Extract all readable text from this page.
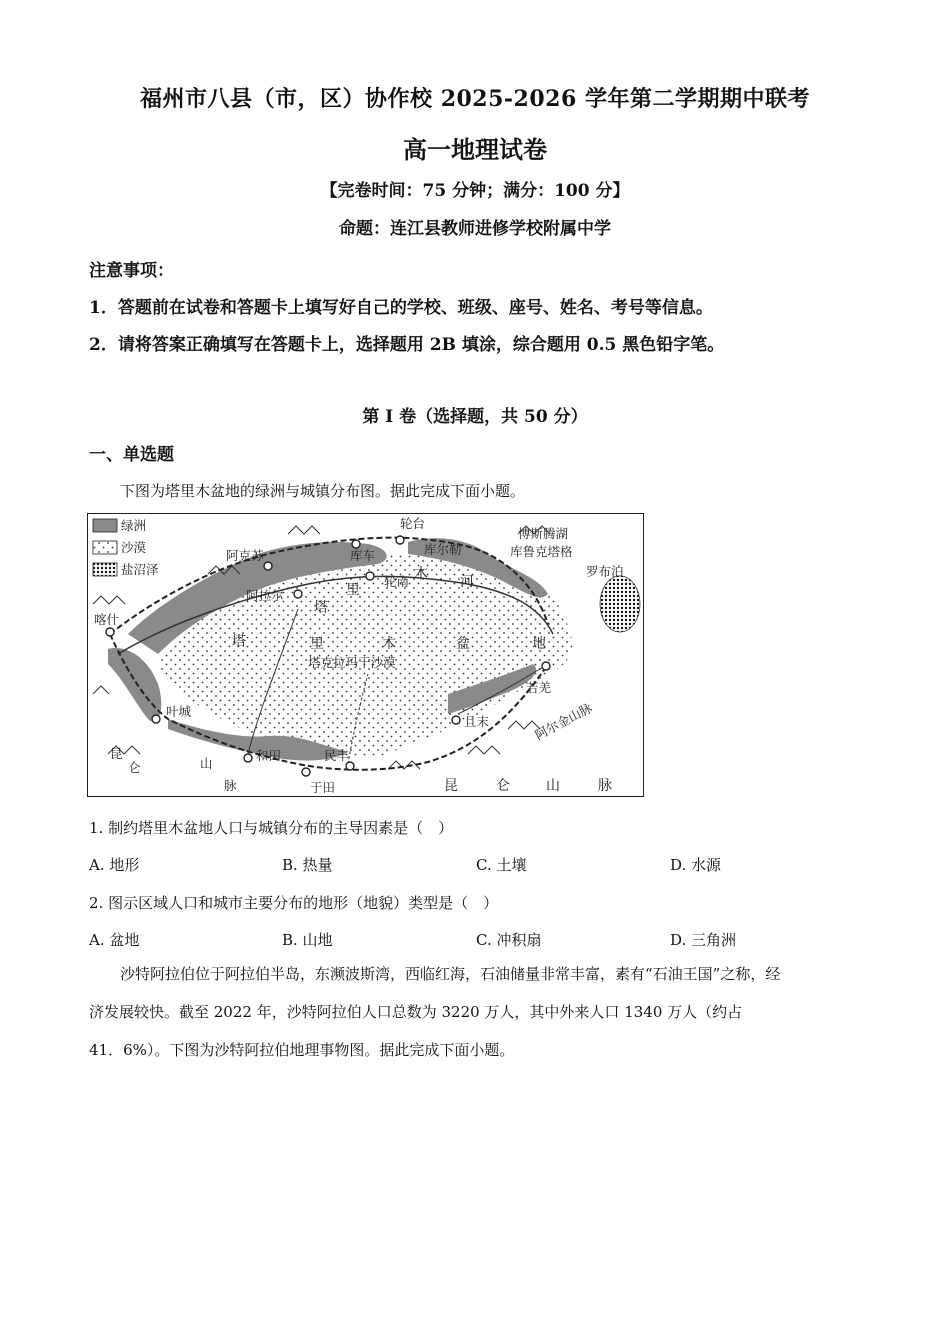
福州市八县（市，区）协作校 2025-2026 学年第二学期期中联考
高一地理试卷
【完卷时间：75 分钟；满分：100 分】
命题：连江县教师进修学校附属中学
注意事项：
1．答题前在试卷和答题卡上填写好自己的学校、班级、座号、姓名、考号等信息。
2．请将答案正确填写在答题卡上，选择题用 2B 填涂，综合题用 0.5 黑色铅字笔。
第 I 卷（选择题，共 50 分）
一、单选题
下图为塔里木盆地的绿洲与城镇分布图。据此完成下面小题。
绿洲
沙漠
盐沼泽
轮台
博斯腾湖
库车	库尔勒	库鲁克塔格
阿克苏
罗布泊
轮南
阿拉尔
喀什
叶城
和田
于田
民丰
且末
若羌
塔克拉玛干沙漠
塔
里
木 河
塔	里	木	盆	地
昆	仑	山	脉
阿尔金山脉
昆
仑	山
脉
1. 制约塔里木盆地人口与城镇分布的主导因素是（　）
A. 地形	B. 热量	C. 土壤	D. 水源
2. 图示区域人口和城市主要分布的地形（地貌）类型是（　）
A. 盆地	B. 山地	C. 冲积扇	D. 三角洲
沙特阿拉伯位于阿拉伯半岛，东濒波斯湾，西临红海，石油储量非常丰富，素有“石油王国”之称，经
济发展较快。截至 2022 年，沙特阿拉伯人口总数为 3220 万人，其中外来人口 1340 万人（约占
41．6%）。下图为沙特阿拉伯地理事物图。据此完成下面小题。
